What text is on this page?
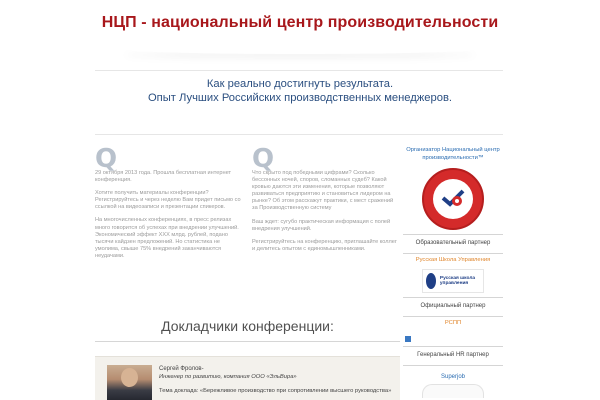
НЦП - национальный центр производительности
Как реально достигнуть результата.
Опыт Лучших Российских производственных менеджеров.
Q

29 октября 2013 года. Прошла бесплатная интернет конференция.

Хотите получить материалы конференции? Регистрируйтесь и через неделю Вам придет письмо со ссылкой на видеозаписи и презентации спикеров.

На многочисленных конференциях, в пресс релизах много говорится об успехах при внедрении улучшений. Экономический эффект XXX млрд. рублей, подано тысячи кайдзен предложений. Но статистика не умолима, свыше 75% внедрений заканчиваются неудачами.

Q

Что скрыто под победными цифрами? Сколько бессонных ночей, споров, сломанных судеб? Какой кровью даются эти изменения, которые позволяют развиваться предприятию и становиться лидером на рынке? Об этом расскажут практики, с мест сражений за Производственную систему

Ваш ждет: сугубо практическая информация с полей внедрения улучшений.

Регистрируйтесь на конференцию, приглашайте коллег и делитесь опытом с единомышленниками.

Организатор Национальный центр производительности™
Образовательный партнер
Русская Школа Управления
Русская школа управления
Официальный партнер
РСПП
Генеральный HR партнер
Superjob
Докладчики конференции:
Сергей Фролов-
Инженер по развитию, компания ООО «ЭльВира»
Тема доклада: «Бережливое производство при сопротивлении высшего руководства»
